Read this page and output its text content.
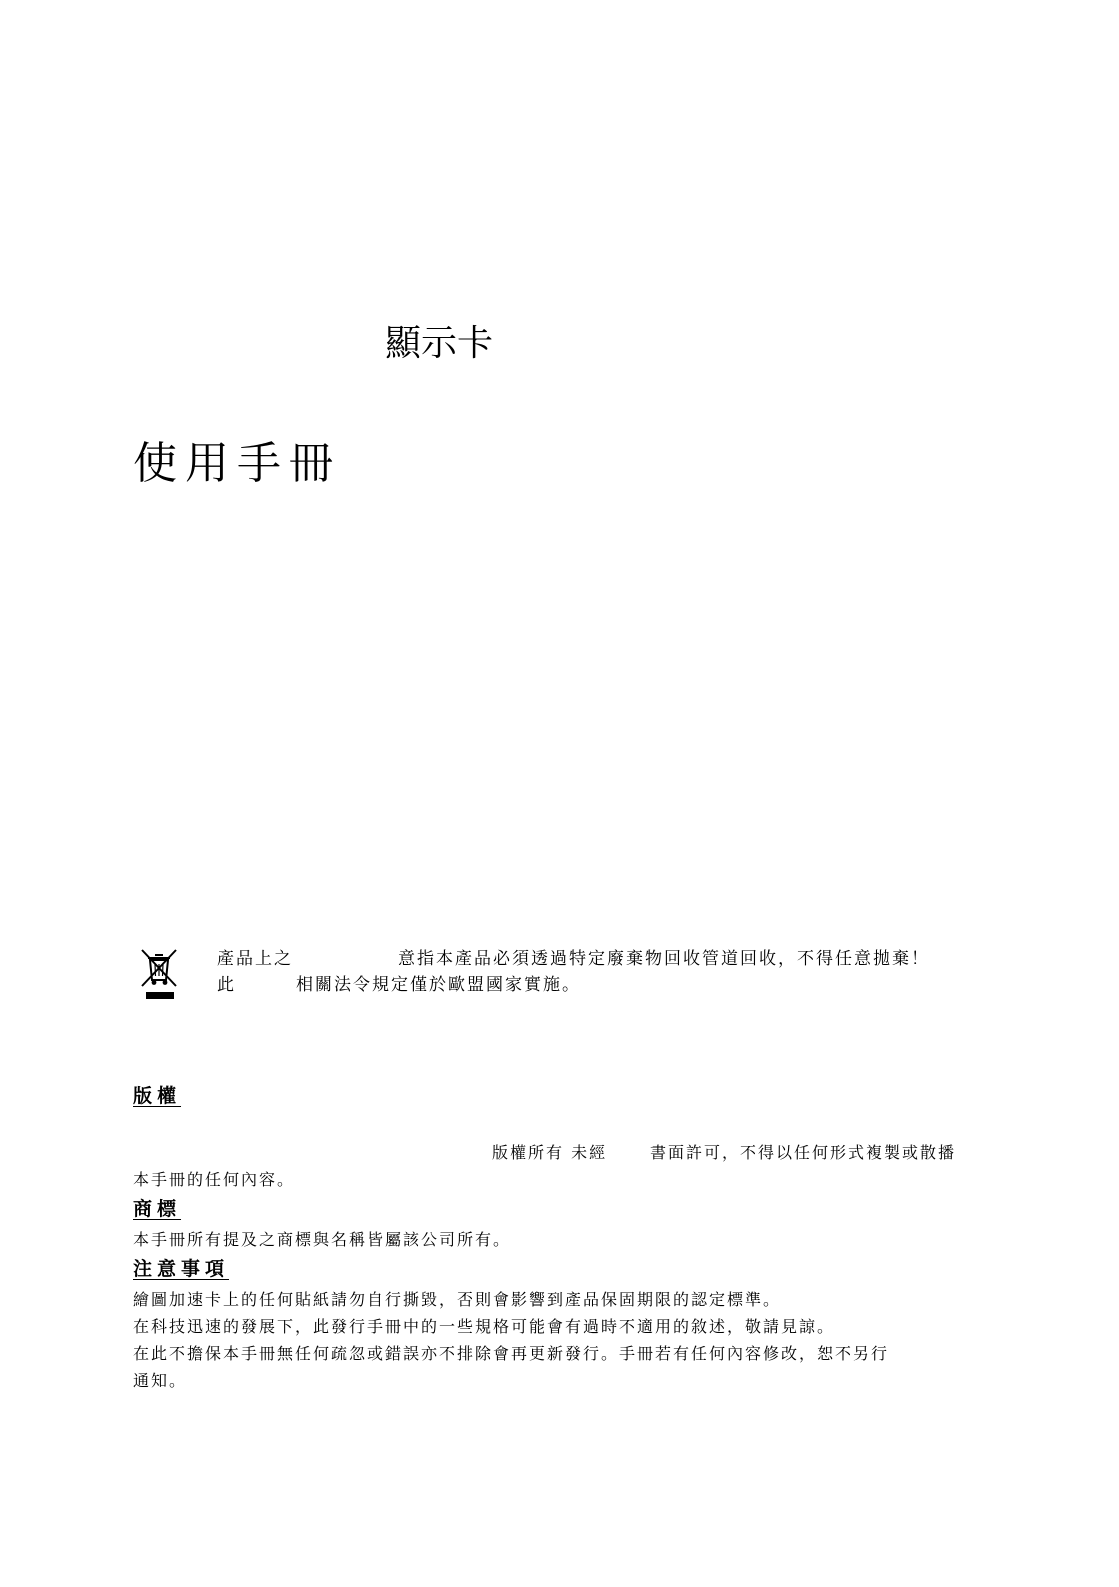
顯示卡
使用手冊
產品上之	意指本產品必須透過特定廢棄物回收管道回收，不得任意拋棄！
此	相關法令規定僅於歐盟國家實施。
版權
版權所有 未經	書面許可，不得以任何形式複製或散播
本手冊的任何內容。
商標
本手冊所有提及之商標與名稱皆屬該公司所有。
注意事項
繪圖加速卡上的任何貼紙請勿自行撕毀，否則會影響到產品保固期限的認定標準。
在科技迅速的發展下，此發行手冊中的一些規格可能會有過時不適用的敘述，敬請見諒。
在此不擔保本手冊無任何疏忽或錯誤亦不排除會再更新發行。手冊若有任何內容修改，恕不另行
通知。
